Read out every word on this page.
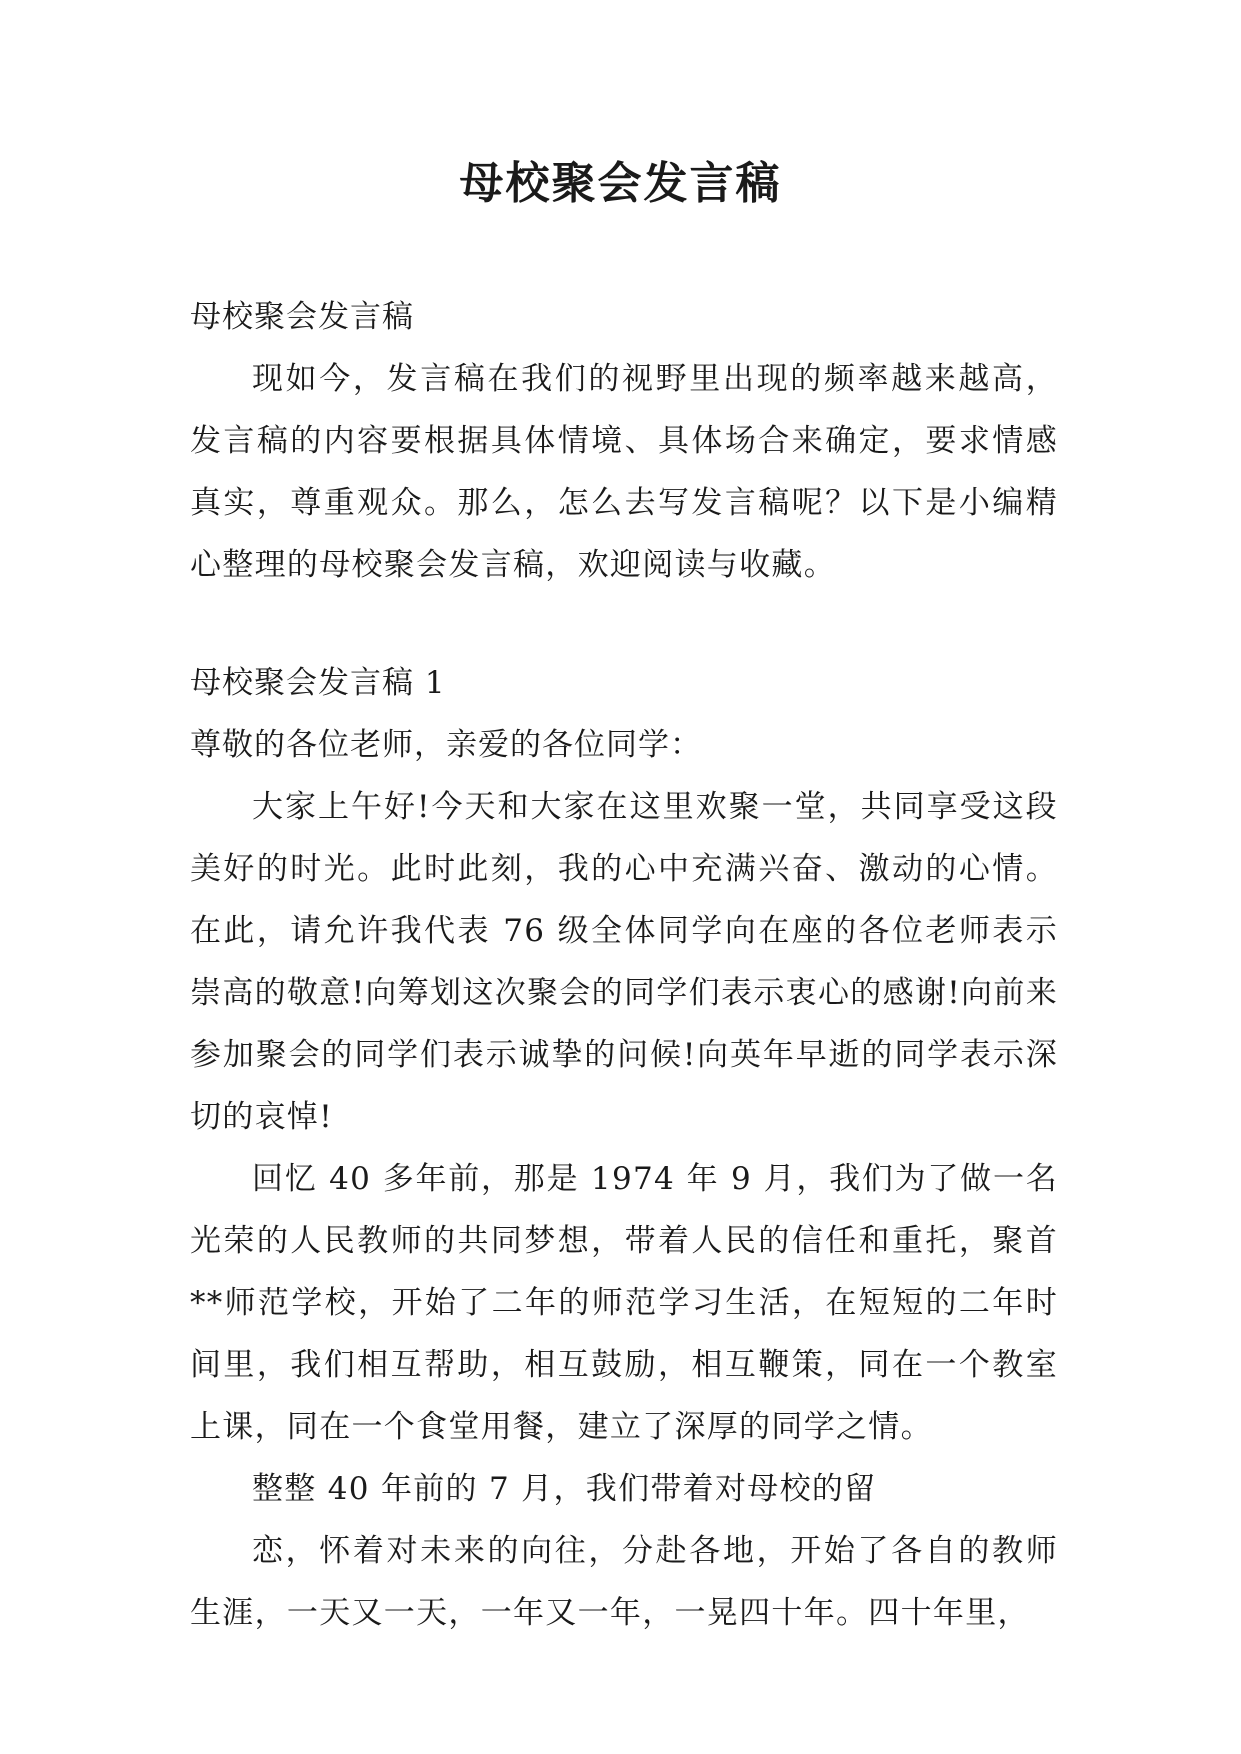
母校聚会发言稿

母校聚会发言稿

现如今，发言稿在我们的视野里出现的频率越来越高，发言稿的内容要根据具体情境、具体场合来确定，要求情感真实，尊重观众。那么，怎么去写发言稿呢？以下是小编精心整理的母校聚会发言稿，欢迎阅读与收藏。

母校聚会发言稿 1

尊敬的各位老师，亲爱的各位同学：

大家上午好!今天和大家在这里欢聚一堂，共同享受这段美好的时光。此时此刻，我的心中充满兴奋、激动的心情。在此，请允许我代表 76 级全体同学向在座的各位老师表示崇高的敬意!向筹划这次聚会的同学们表示衷心的感谢!向前来参加聚会的同学们表示诚挚的问候!向英年早逝的同学表示深切的哀悼!

回忆 40 多年前，那是 1974 年 9 月，我们为了做一名光荣的人民教师的共同梦想，带着人民的信任和重托，聚首**师范学校，开始了二年的师范学习生活，在短短的二年时间里，我们相互帮助，相互鼓励，相互鞭策，同在一个教室上课，同在一个食堂用餐，建立了深厚的同学之情。

整整 40 年前的 7 月，我们带着对母校的留

恋，怀着对未来的向往，分赴各地，开始了各自的教师生涯，一天又一天，一年又一年，一晃四十年。四十年里，
